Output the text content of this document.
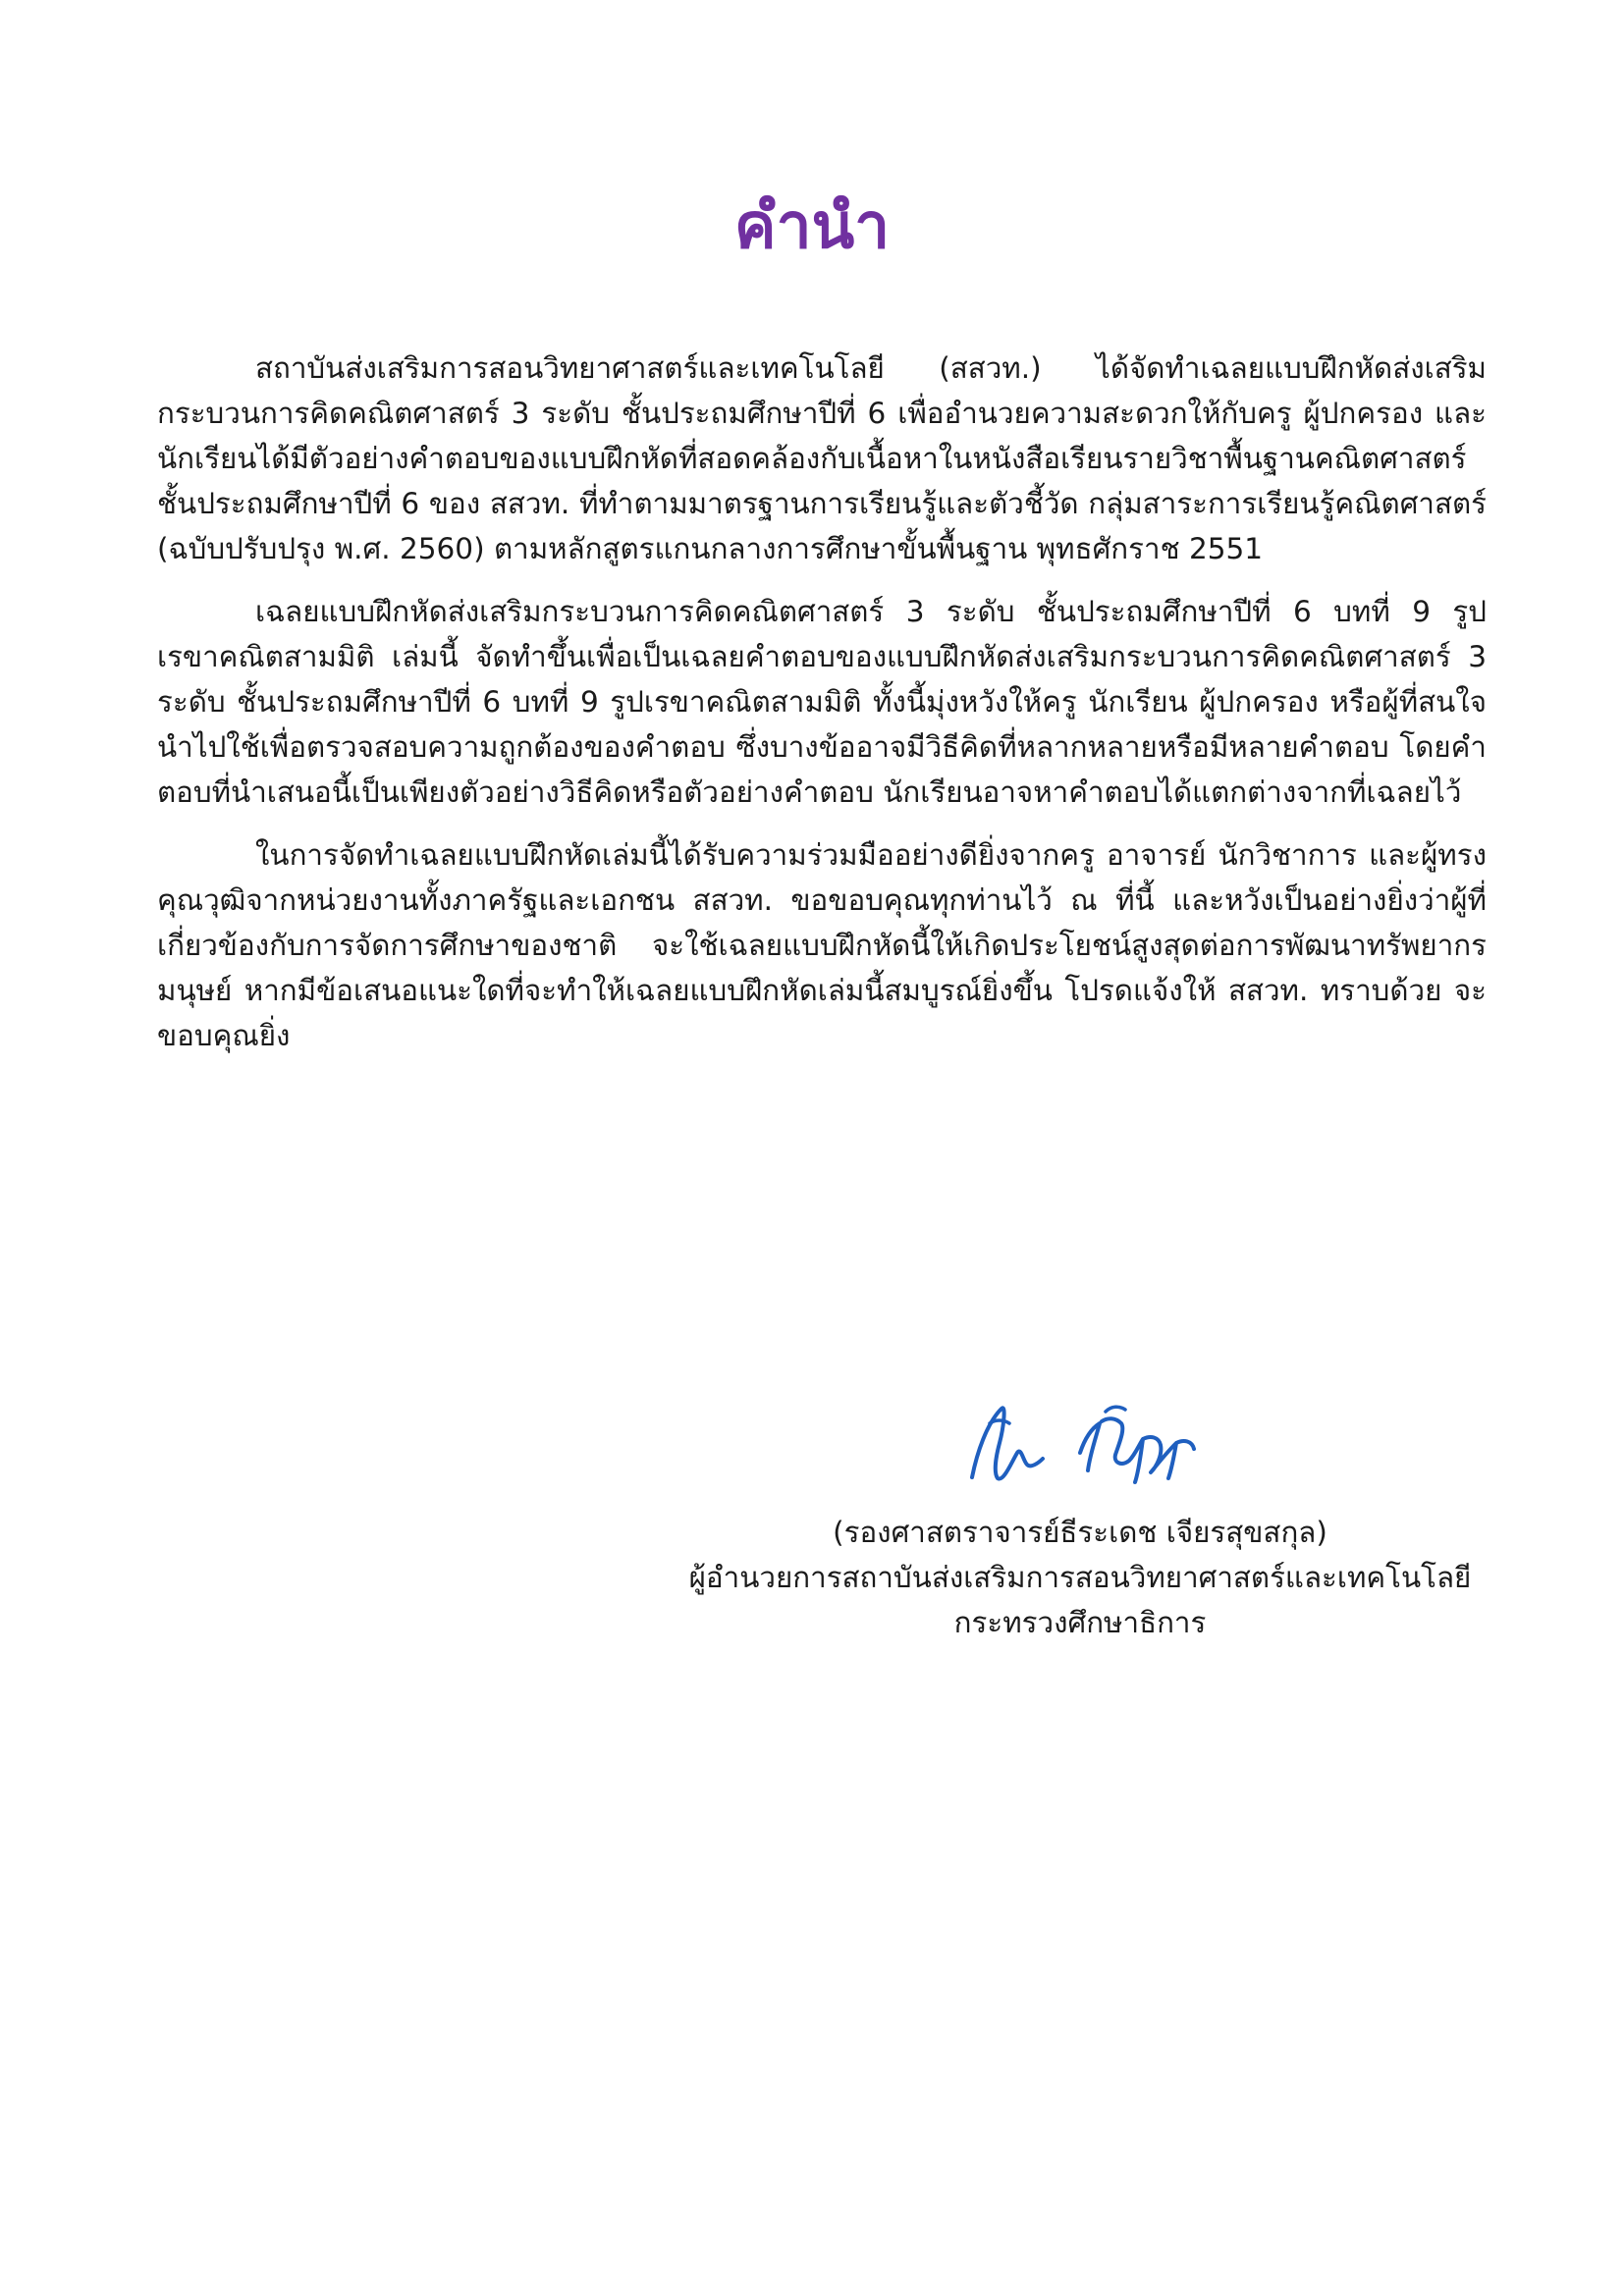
คำนำ

สถาบันส่งเสริมการสอนวิทยาศาสตร์และเทคโนโลยี (สสวท.) ได้จัดทำเฉลยแบบฝึกหัดส่งเสริมกระบวนการคิดคณิตศาสตร์ 3 ระดับ ชั้นประถมศึกษาปีที่ 6 เพื่ออำนวยความสะดวกให้กับครู ผู้ปกครอง และนักเรียนได้มีตัวอย่างคำตอบของแบบฝึกหัดที่สอดคล้องกับเนื้อหาในหนังสือเรียนรายวิชาพื้นฐานคณิตศาสตร์ ชั้นประถมศึกษาปีที่ 6 ของ สสวท. ที่ทำตามมาตรฐานการเรียนรู้และตัวชี้วัด กลุ่มสาระการเรียนรู้คณิตศาสตร์ (ฉบับปรับปรุง พ.ศ. 2560) ตามหลักสูตรแกนกลางการศึกษาขั้นพื้นฐาน พุทธศักราช 2551

เฉลยแบบฝึกหัดส่งเสริมกระบวนการคิดคณิตศาสตร์ 3 ระดับ ชั้นประถมศึกษาปีที่ 6 บทที่ 9 รูปเรขาคณิตสามมิติ เล่มนี้ จัดทำขึ้นเพื่อเป็นเฉลยคำตอบของแบบฝึกหัดส่งเสริมกระบวนการคิดคณิตศาสตร์ 3 ระดับ ชั้นประถมศึกษาปีที่ 6 บทที่ 9 รูปเรขาคณิตสามมิติ ทั้งนี้มุ่งหวังให้ครู นักเรียน ผู้ปกครอง หรือผู้ที่สนใจ นำไปใช้เพื่อตรวจสอบความถูกต้องของคำตอบ ซึ่งบางข้ออาจมีวิธีคิดที่หลากหลายหรือมีหลายคำตอบ โดยคำตอบที่นำเสนอนี้เป็นเพียงตัวอย่างวิธีคิดหรือตัวอย่างคำตอบ นักเรียนอาจหาคำตอบได้แตกต่างจากที่เฉลยไว้

ในการจัดทำเฉลยแบบฝึกหัดเล่มนี้ได้รับความร่วมมืออย่างดียิ่งจากครู อาจารย์ นักวิชาการ และผู้ทรงคุณวุฒิจากหน่วยงานทั้งภาครัฐและเอกชน สสวท. ขอขอบคุณทุกท่านไว้ ณ ที่นี้ และหวังเป็นอย่างยิ่งว่าผู้ที่เกี่ยวข้องกับการจัดการศึกษาของชาติ จะใช้เฉลยแบบฝึกหัดนี้ให้เกิดประโยชน์สูงสุดต่อการพัฒนาทรัพยากรมนุษย์ หากมีข้อเสนอแนะใดที่จะทำให้เฉลยแบบฝึกหัดเล่มนี้สมบูรณ์ยิ่งขึ้น โปรดแจ้งให้ สสวท. ทราบด้วย จะขอบคุณยิ่ง

(รองศาสตราจารย์ธีระเดช เจียรสุขสกุล)
ผู้อำนวยการสถาบันส่งเสริมการสอนวิทยาศาสตร์และเทคโนโลยี
กระทรวงศึกษาธิการ
